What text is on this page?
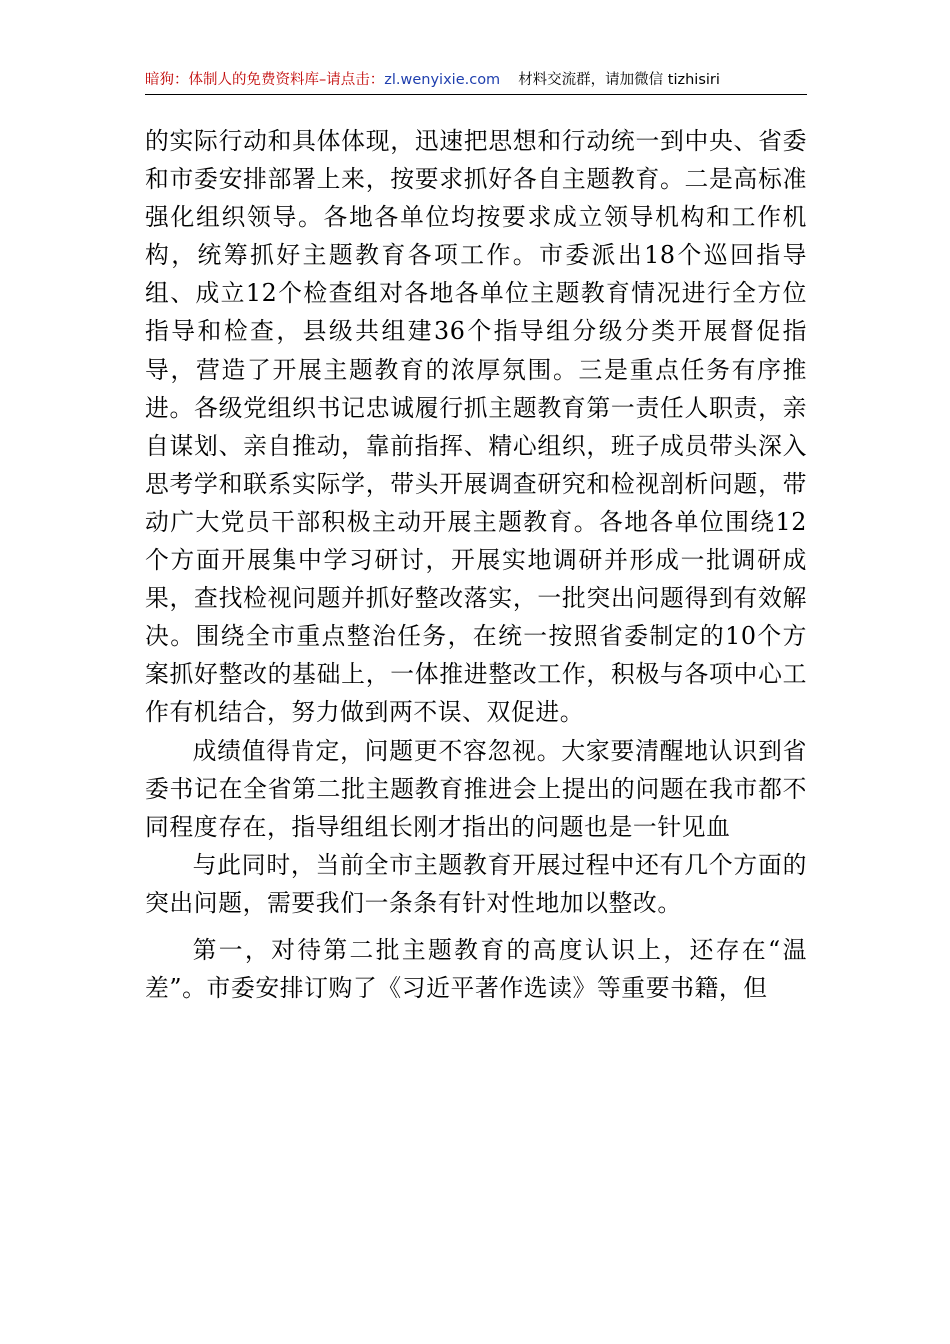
暗狗：体制人的免费资料库–请点击：zl.wenyixie.com 材料交流群，请加微信 tizhisiri

的实际行动和具体体现，迅速把思想和行动统一到中央、省委和市委安排部署上来，按要求抓好各自主题教育。二是高标准强化组织领导。各地各单位均按要求成立领导机构和工作机构，统筹抓好主题教育各项工作。市委派出18个巡回指导组、成立12个检查组对各地各单位主题教育情况进行全方位指导和检查，县级共组建36个指导组分级分类开展督促指导，营造了开展主题教育的浓厚氛围。三是重点任务有序推进。各级党组织书记忠诚履行抓主题教育第一责任人职责，亲自谋划、亲自推动，靠前指挥、精心组织，班子成员带头深入思考学和联系实际学，带头开展调查研究和检视剖析问题，带动广大党员干部积极主动开展主题教育。各地各单位围绕12个方面开展集中学习研讨，开展实地调研并形成一批调研成果，查找检视问题并抓好整改落实，一批突出问题得到有效解决。围绕全市重点整治任务，在统一按照省委制定的10个方案抓好整改的基础上，一体推进整改工作，积极与各项中心工作有机结合，努力做到两不误、双促进。

成绩值得肯定，问题更不容忽视。大家要清醒地认识到省委书记在全省第二批主题教育推进会上提出的问题在我市都不同程度存在，指导组组长刚才指出的问题也是一针见血

与此同时，当前全市主题教育开展过程中还有几个方面的突出问题，需要我们一条条有针对性地加以整改。

第一，对待第二批主题教育的高度认识上，还存在“温差”。市委安排订购了《习近平著作选读》等重要书籍，但
